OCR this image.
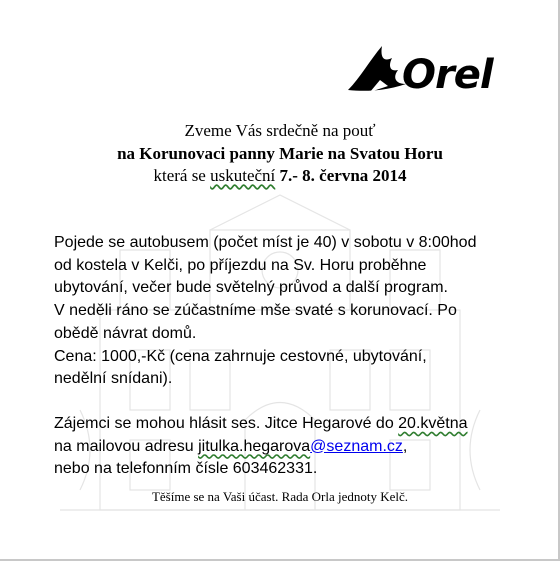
Orel
Zveme Vás srdečně na pouť
na Korunovaci panny Marie na Svatou Horu
která se uskuteční 7.- 8. června 2014

Pojede se autobusem (počet míst je 40) v sobotu v 8:00hod

od kostela v Kelči, po příjezdu na Sv. Horu proběhne

ubytování, večer bude světelný průvod a další program.

V neděli ráno se zúčastníme mše svaté s korunovací. Po

obědě návrat domů.

Cena: 1000,-Kč (cena zahrnuje cestovné, ubytování,

nedělní snídani).

Zájemci se mohou hlásit ses. Jitce Hegarové do 20.května

na mailovou adresu jitulka.hegarova@seznam.cz,

nebo na telefonním čísle 603462331.

Těšíme se na Vaši účast. Rada Orla jednoty Kelč.
